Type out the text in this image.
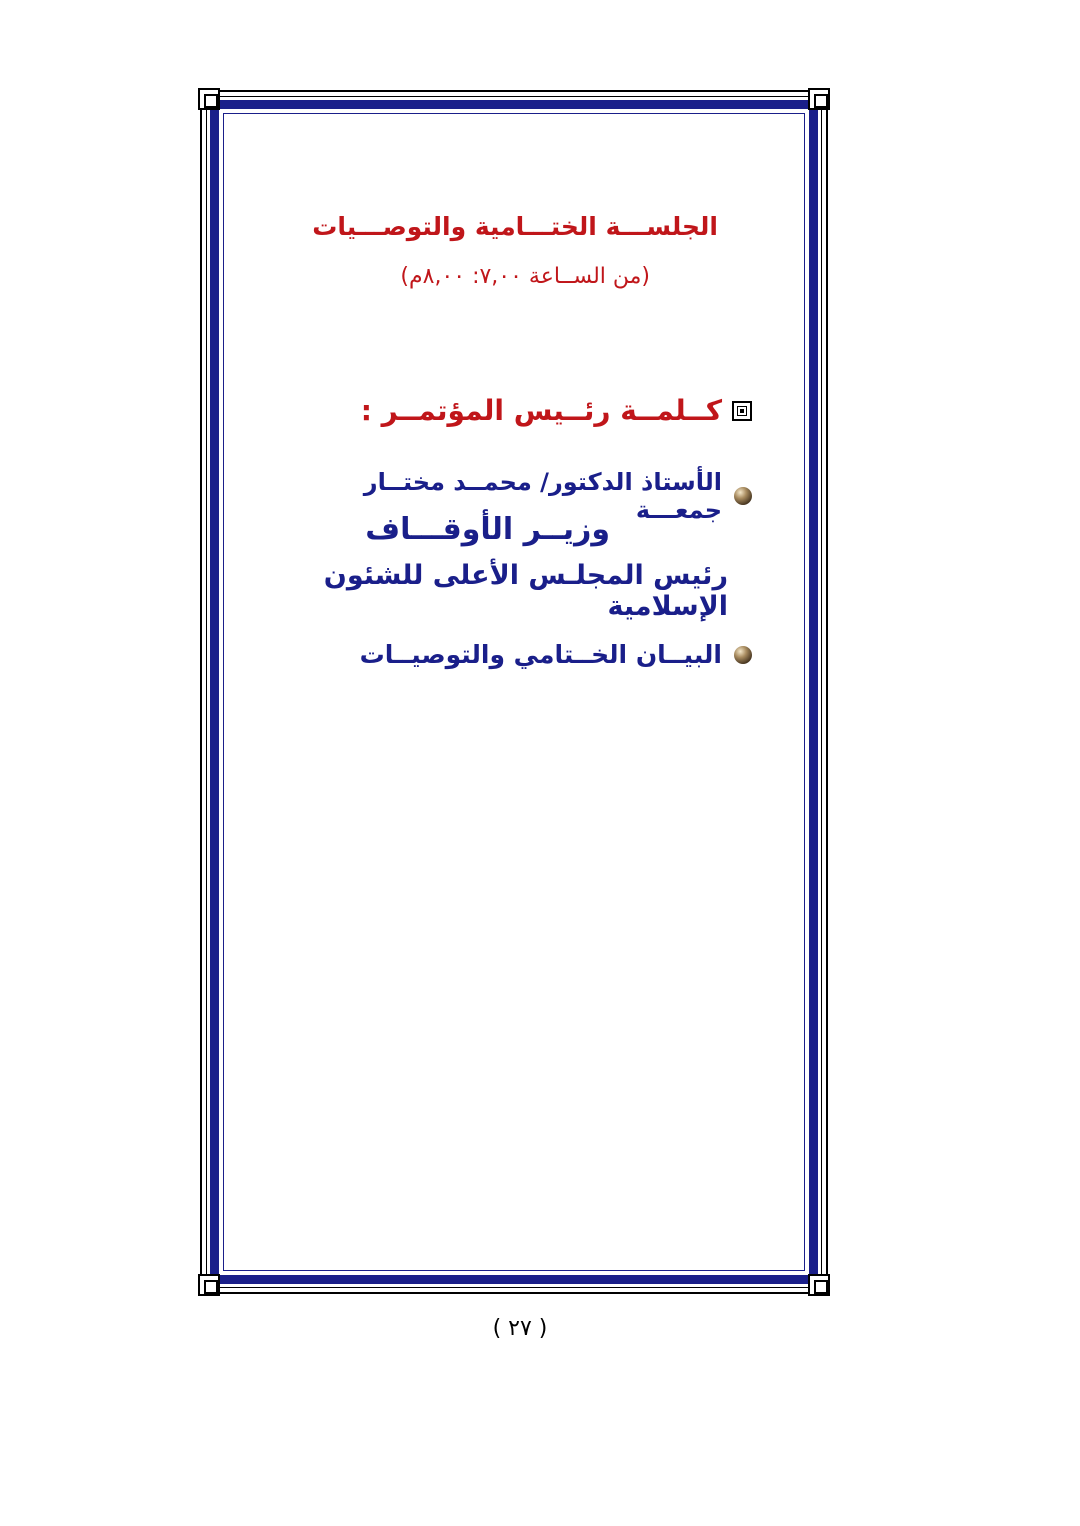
الجلســـة الختـــامية والتوصـــيات
(من الســاعة ۷,۰۰: ۸,۰۰م)
كــلمــة رئــيس المؤتمــر :
الأستاذ الدكتور/ محمــد مختــار جمعـــة
وزيــر الأوقـــاف
رئيس المجلـس الأعلى للشئون الإسلامية
البيــان الخــتامي والتوصيــات
( ٢٧ )
